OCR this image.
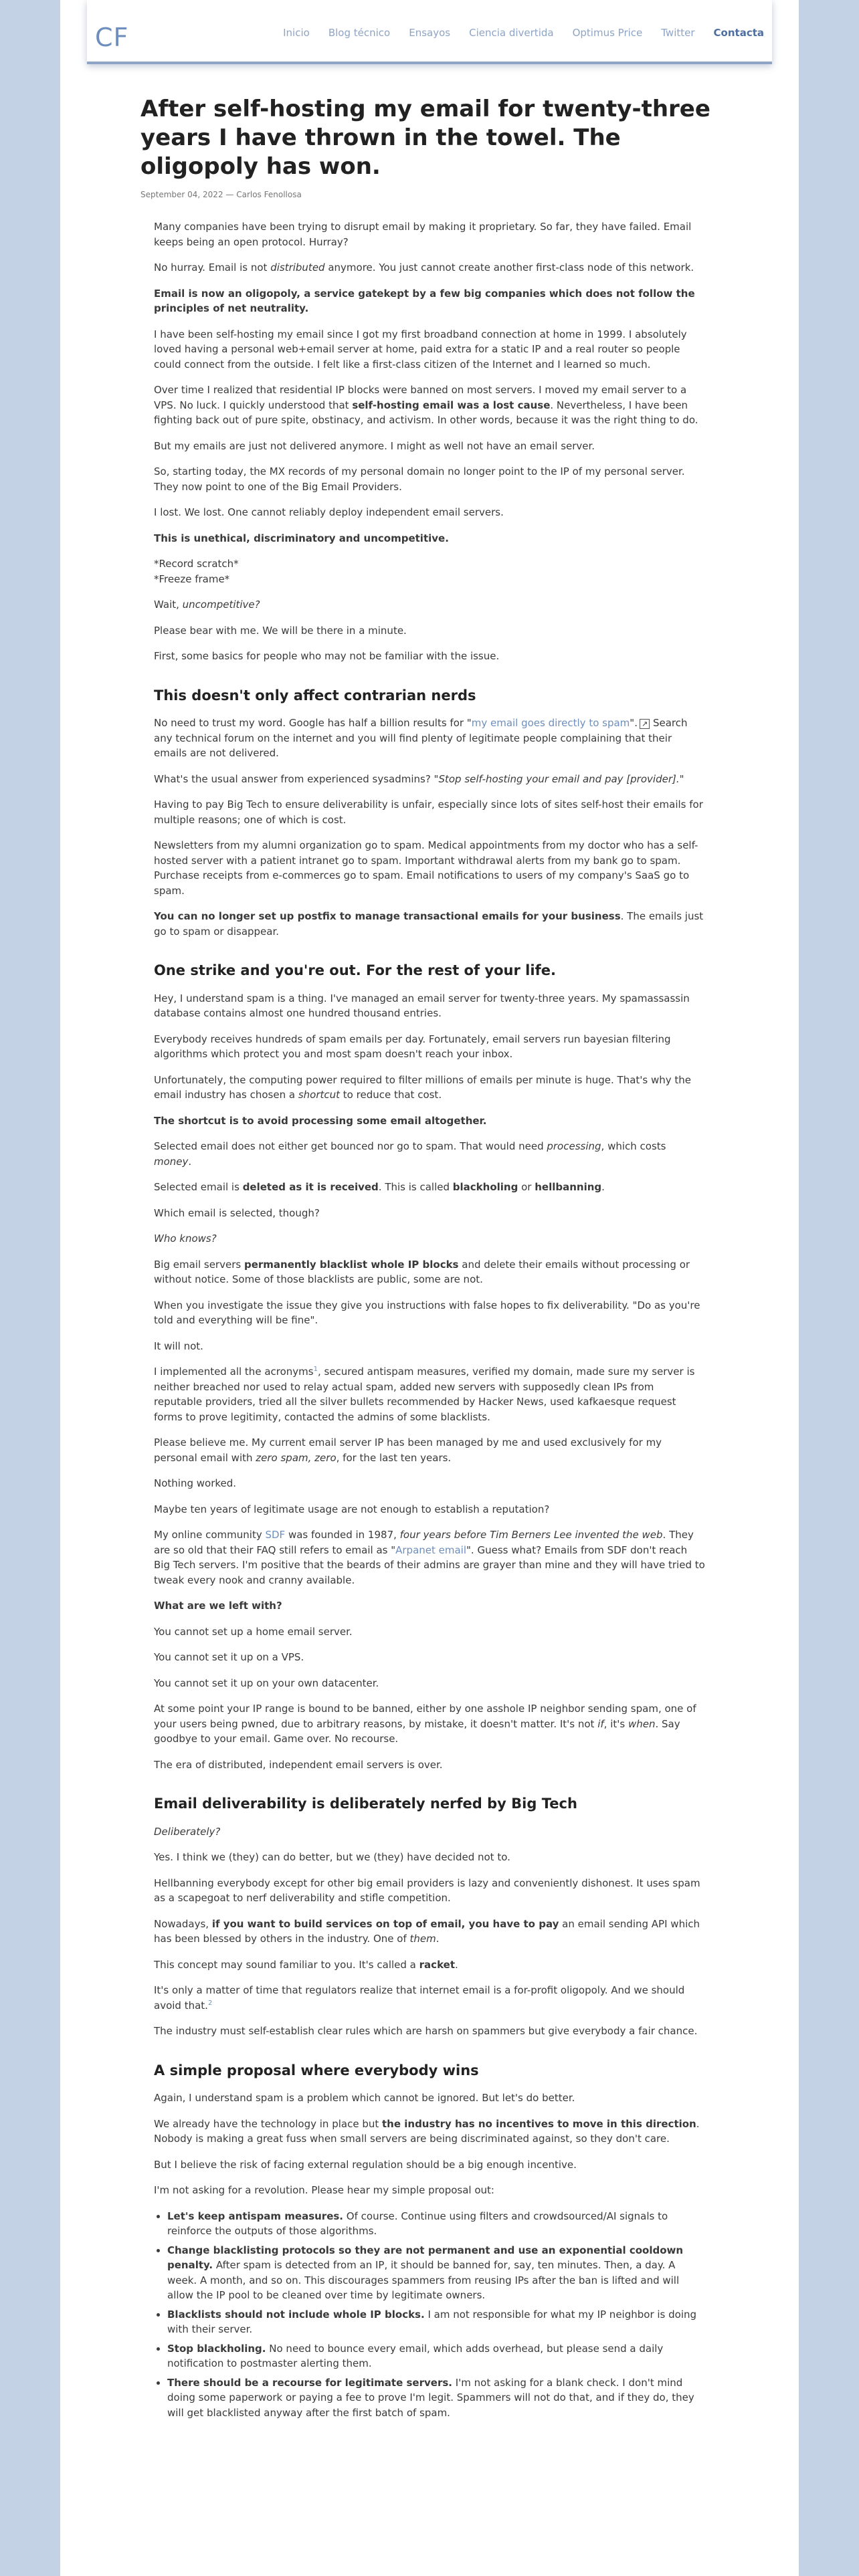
CF	Inicio Blog técnico Ensayos Ciencia divertida Optimus Price Twitter Contacta
After self-hosting my email for twenty-three years I have thrown in the towel. The oligopoly has won.
September 04, 2022 — Carlos Fenollosa

Many companies have been trying to disrupt email by making it proprietary. So far, they have failed. Email keeps being an open protocol. Hurray?

No hurray. Email is not distributed anymore. You just cannot create another first-class node of this network.

Email is now an oligopoly, a service gatekept by a few big companies which does not follow the principles of net neutrality.

I have been self-hosting my email since I got my first broadband connection at home in 1999. I absolutely loved having a personal web+email server at home, paid extra for a static IP and a real router so people could connect from the outside. I felt like a first-class citizen of the Internet and I learned so much.

Over time I realized that residential IP blocks were banned on most servers. I moved my email server to a VPS. No luck. I quickly understood that self-hosting email was a lost cause. Nevertheless, I have been fighting back out of pure spite, obstinacy, and activism. In other words, because it was the right thing to do.

But my emails are just not delivered anymore. I might as well not have an email server.

So, starting today, the MX records of my personal domain no longer point to the IP of my personal server. They now point to one of the Big Email Providers.

I lost. We lost. One cannot reliably deploy independent email servers.

This is unethical, discriminatory and uncompetitive.

*Record scratch*
*Freeze frame*

Wait, uncompetitive?

Please bear with me. We will be there in a minute.

First, some basics for people who may not be familiar with the issue.

This doesn't only affect contrarian nerds

No need to trust my word. Google has half a billion results for "my email goes directly to spam". ↗ Search any technical forum on the internet and you will find plenty of legitimate people complaining that their emails are not delivered.

What's the usual answer from experienced sysadmins? "Stop self-hosting your email and pay [provider]."

Having to pay Big Tech to ensure deliverability is unfair, especially since lots of sites self-host their emails for multiple reasons; one of which is cost.

Newsletters from my alumni organization go to spam. Medical appointments from my doctor who has a self-hosted server with a patient intranet go to spam. Important withdrawal alerts from my bank go to spam. Purchase receipts from e-commerces go to spam. Email notifications to users of my company's SaaS go to spam.

You can no longer set up postfix to manage transactional emails for your business. The emails just go to spam or disappear.

One strike and you're out. For the rest of your life.

Hey, I understand spam is a thing. I've managed an email server for twenty-three years. My spamassassin database contains almost one hundred thousand entries.

Everybody receives hundreds of spam emails per day. Fortunately, email servers run bayesian filtering algorithms which protect you and most spam doesn't reach your inbox.

Unfortunately, the computing power required to filter millions of emails per minute is huge. That's why the email industry has chosen a shortcut to reduce that cost.

The shortcut is to avoid processing some email altogether.

Selected email does not either get bounced nor go to spam. That would need processing, which costs money.

Selected email is deleted as it is received. This is called blackholing or hellbanning.

Which email is selected, though?

Who knows?

Big email servers permanently blacklist whole IP blocks and delete their emails without processing or without notice. Some of those blacklists are public, some are not.

When you investigate the issue they give you instructions with false hopes to fix deliverability. "Do as you're told and everything will be fine".

It will not.

I implemented all the acronyms$^1$, secured antispam measures, verified my domain, made sure my server is neither breached nor used to relay actual spam, added new servers with supposedly clean IPs from reputable providers, tried all the silver bullets recommended by Hacker News, used kafkaesque request forms to prove legitimity, contacted the admins of some blacklists.

Please believe me. My current email server IP has been managed by me and used exclusively for my personal email with zero spam, zero, for the last ten years.

Nothing worked.

Maybe ten years of legitimate usage are not enough to establish a reputation?

My online community SDF was founded in 1987, four years before Tim Berners Lee invented the web. They are so old that their FAQ still refers to email as "Arpanet email". Guess what? Emails from SDF don't reach Big Tech servers. I'm positive that the beards of their admins are grayer than mine and they will have tried to tweak every nook and cranny available.

What are we left with?

You cannot set up a home email server.

You cannot set it up on a VPS.

You cannot set it up on your own datacenter.

At some point your IP range is bound to be banned, either by one asshole IP neighbor sending spam, one of your users being pwned, due to arbitrary reasons, by mistake, it doesn't matter. It's not if, it's when. Say goodbye to your email. Game over. No recourse.

The era of distributed, independent email servers is over.

Email deliverability is deliberately nerfed by Big Tech

Deliberately?

Yes. I think we (they) can do better, but we (they) have decided not to.

Hellbanning everybody except for other big email providers is lazy and conveniently dishonest. It uses spam as a scapegoat to nerf deliverability and stifle competition.

Nowadays, if you want to build services on top of email, you have to pay an email sending API which has been blessed by others in the industry. One of them.

This concept may sound familiar to you. It's called a racket.

It's only a matter of time that regulators realize that internet email is a for-profit oligopoly. And we should avoid that.$^2$

The industry must self-establish clear rules which are harsh on spammers but give everybody a fair chance.

A simple proposal where everybody wins

Again, I understand spam is a problem which cannot be ignored. But let's do better.

We already have the technology in place but the industry has no incentives to move in this direction. Nobody is making a great fuss when small servers are being discriminated against, so they don't care.

But I believe the risk of facing external regulation should be a big enough incentive.

I'm not asking for a revolution. Please hear my simple proposal out:

• Let's keep antispam measures. Of course. Continue using filters and crowdsourced/AI signals to reinforce the outputs of those algorithms.
• Change blacklisting protocols so they are not permanent and use an exponential cooldown penalty. After spam is detected from an IP, it should be banned for, say, ten minutes. Then, a day. A week. A month, and so on. This discourages spammers from reusing IPs after the ban is lifted and will allow the IP pool to be cleaned over time by legitimate owners.
• Blacklists should not include whole IP blocks. I am not responsible for what my IP neighbor is doing with their server.
• Stop blackholing. No need to bounce every email, which adds overhead, but please send a daily notification to postmaster alerting them.
• There should be a recourse for legitimate servers. I'm not asking for a blank check. I don't mind doing some paperwork or paying a fee to prove I'm legit. Spammers will not do that, and if they do, they will get blacklisted anyway after the first batch of spam.
